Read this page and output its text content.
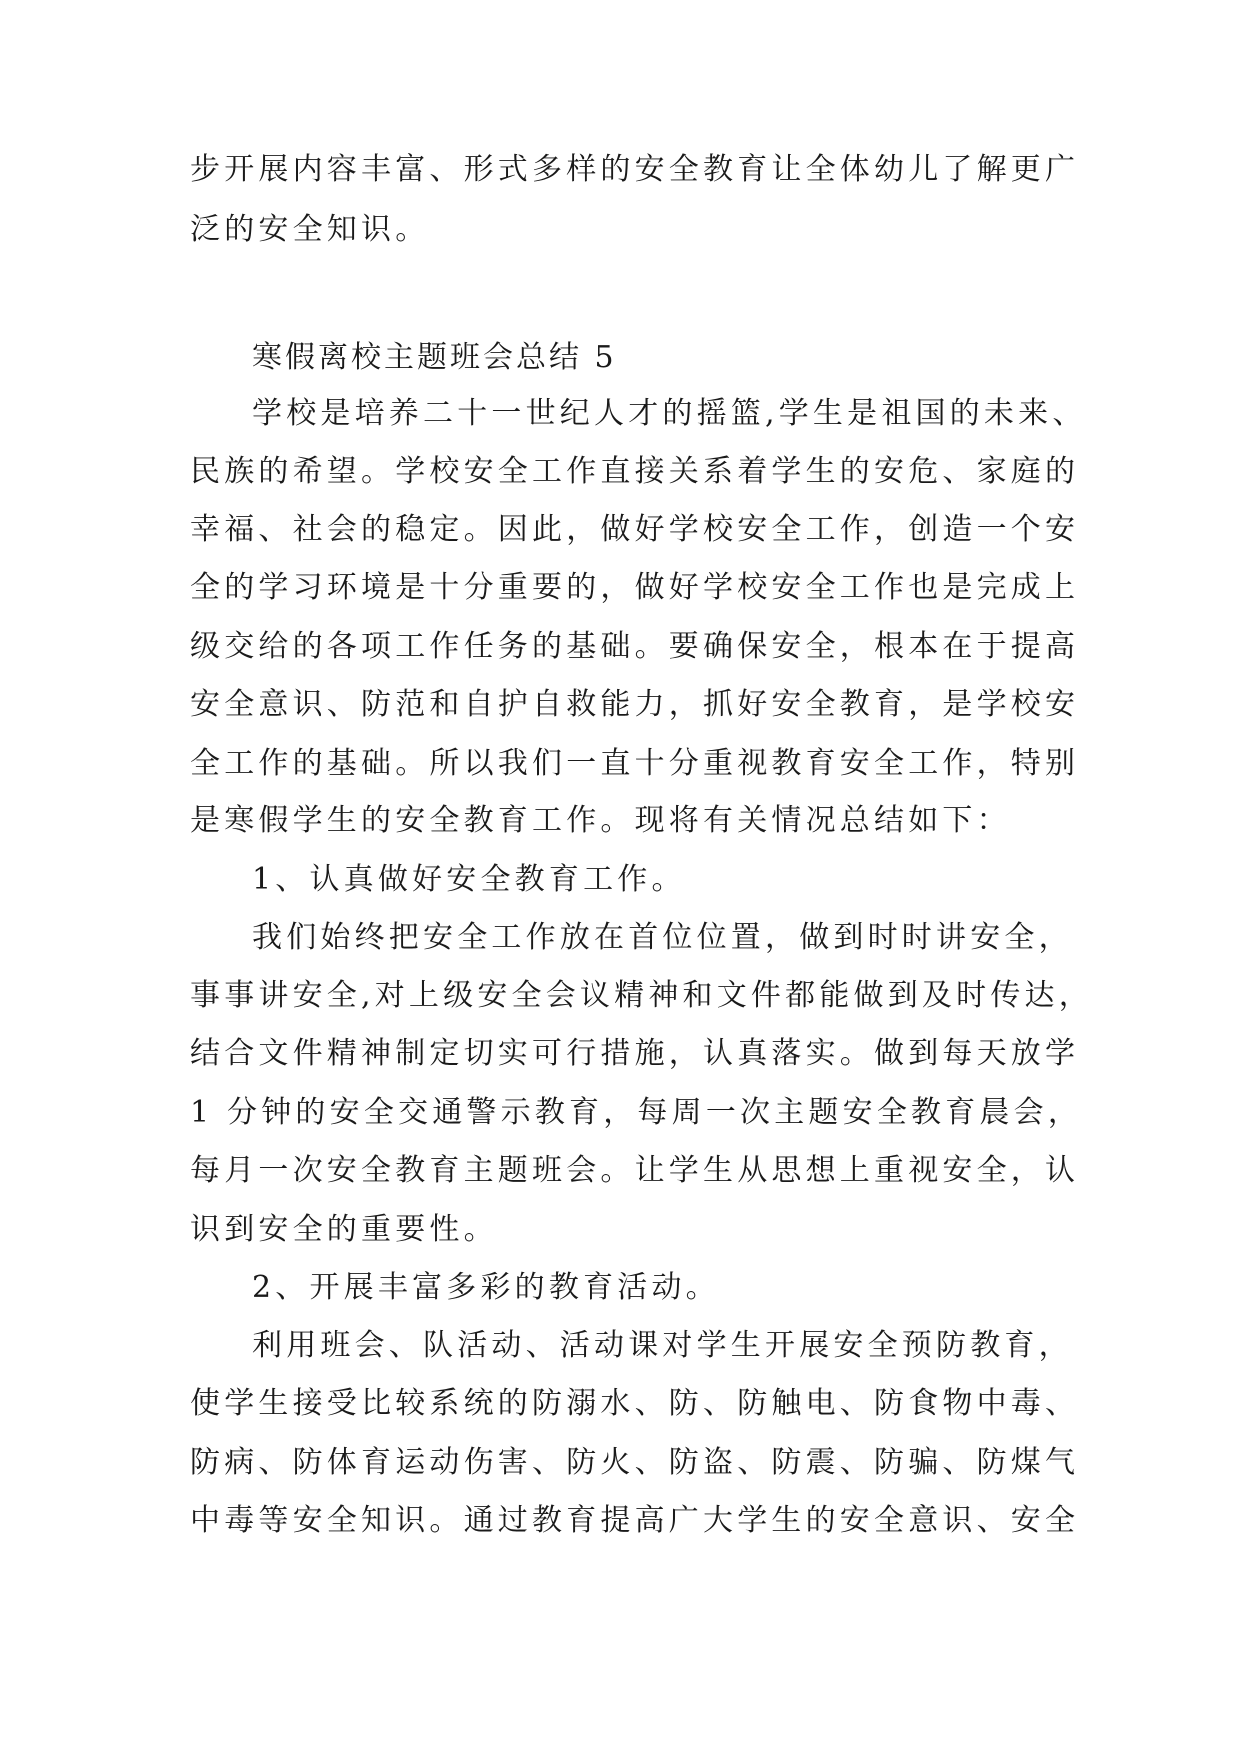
步开展内容丰富、形式多样的安全教育让全体幼儿了解更广
泛的安全知识。
寒假离校主题班会总结 5
学校是培养二十一世纪人才的摇篮,学生是祖国的未来、
民族的希望。学校安全工作直接关系着学生的安危、家庭的
幸福、社会的稳定。因此，做好学校安全工作，创造一个安
全的学习环境是十分重要的，做好学校安全工作也是完成上
级交给的各项工作任务的基础。要确保安全，根本在于提高
安全意识、防范和自护自救能力，抓好安全教育，是学校安
全工作的基础。所以我们一直十分重视教育安全工作，特别
是寒假学生的安全教育工作。现将有关情况总结如下：
1、认真做好安全教育工作。
我们始终把安全工作放在首位位置，做到时时讲安全，
事事讲安全,对上级安全会议精神和文件都能做到及时传达，
结合文件精神制定切实可行措施，认真落实。做到每天放学
1 分钟的安全交通警示教育，每周一次主题安全教育晨会，
每月一次安全教育主题班会。让学生从思想上重视安全，认
识到安全的重要性。
2、开展丰富多彩的教育活动。
利用班会、队活动、活动课对学生开展安全预防教育，
使学生接受比较系统的防溺水、防、防触电、防食物中毒、
防病、防体育运动伤害、防火、防盗、防震、防骗、防煤气
中毒等安全知识。通过教育提高广大学生的安全意识、安全
